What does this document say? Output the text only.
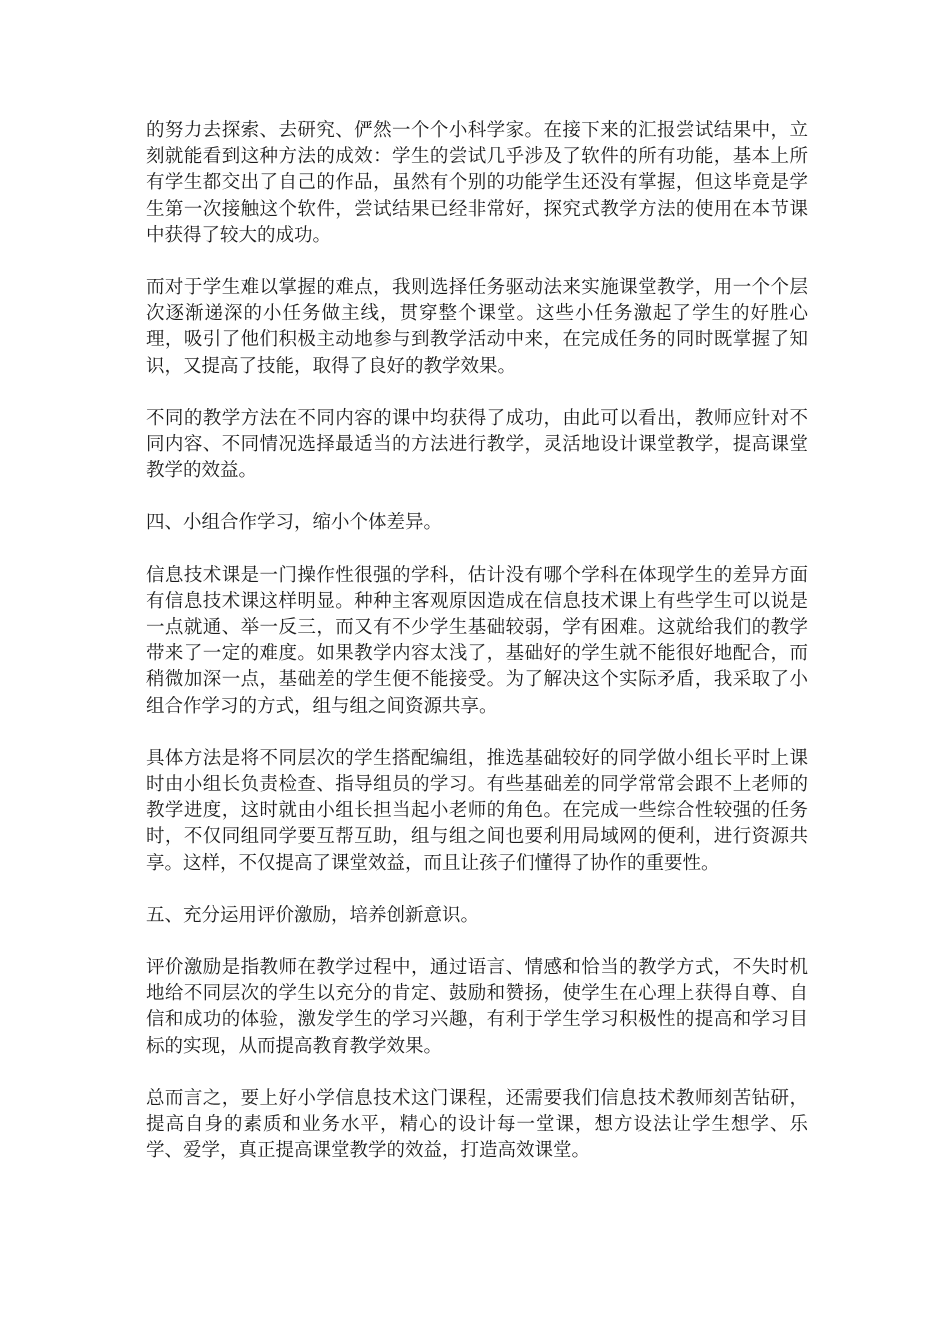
的努力去探索、去研究、俨然一个个小科学家。在接下来的汇报尝试结果中，立刻就能看到这种方法的成效：学生的尝试几乎涉及了软件的所有功能，基本上所有学生都交出了自己的作品，虽然有个别的功能学生还没有掌握，但这毕竟是学生第一次接触这个软件，尝试结果已经非常好，探究式教学方法的使用在本节课中获得了较大的成功。

而对于学生难以掌握的难点，我则选择任务驱动法来实施课堂教学，用一个个层次逐渐递深的小任务做主线，贯穿整个课堂。这些小任务激起了学生的好胜心理，吸引了他们积极主动地参与到教学活动中来，在完成任务的同时既掌握了知识，又提高了技能，取得了良好的教学效果。

不同的教学方法在不同内容的课中均获得了成功，由此可以看出，教师应针对不同内容、不同情况选择最适当的方法进行教学，灵活地设计课堂教学，提高课堂教学的效益。

四、小组合作学习，缩小个体差异。

信息技术课是一门操作性很强的学科，估计没有哪个学科在体现学生的差异方面有信息技术课这样明显。种种主客观原因造成在信息技术课上有些学生可以说是一点就通、举一反三，而又有不少学生基础较弱，学有困难。这就给我们的教学带来了一定的难度。如果教学内容太浅了，基础好的学生就不能很好地配合，而稍微加深一点，基础差的学生便不能接受。为了解决这个实际矛盾，我采取了小组合作学习的方式，组与组之间资源共享。

具体方法是将不同层次的学生搭配编组，推选基础较好的同学做小组长平时上课时由小组长负责检查、指导组员的学习。有些基础差的同学常常会跟不上老师的教学进度，这时就由小组长担当起小老师的角色。在完成一些综合性较强的任务时，不仅同组同学要互帮互助，组与组之间也要利用局域网的便利，进行资源共享。这样，不仅提高了课堂效益，而且让孩子们懂得了协作的重要性。

五、充分运用评价激励，培养创新意识。

评价激励是指教师在教学过程中，通过语言、情感和恰当的教学方式，不失时机地给不同层次的学生以充分的肯定、鼓励和赞扬，使学生在心理上获得自尊、自信和成功的体验，激发学生的学习兴趣，有利于学生学习积极性的提高和学习目标的实现，从而提高教育教学效果。

总而言之，要上好小学信息技术这门课程，还需要我们信息技术教师刻苦钻研，提高自身的素质和业务水平，精心的设计每一堂课，想方设法让学生想学、乐学、爱学，真正提高课堂教学的效益，打造高效课堂。
